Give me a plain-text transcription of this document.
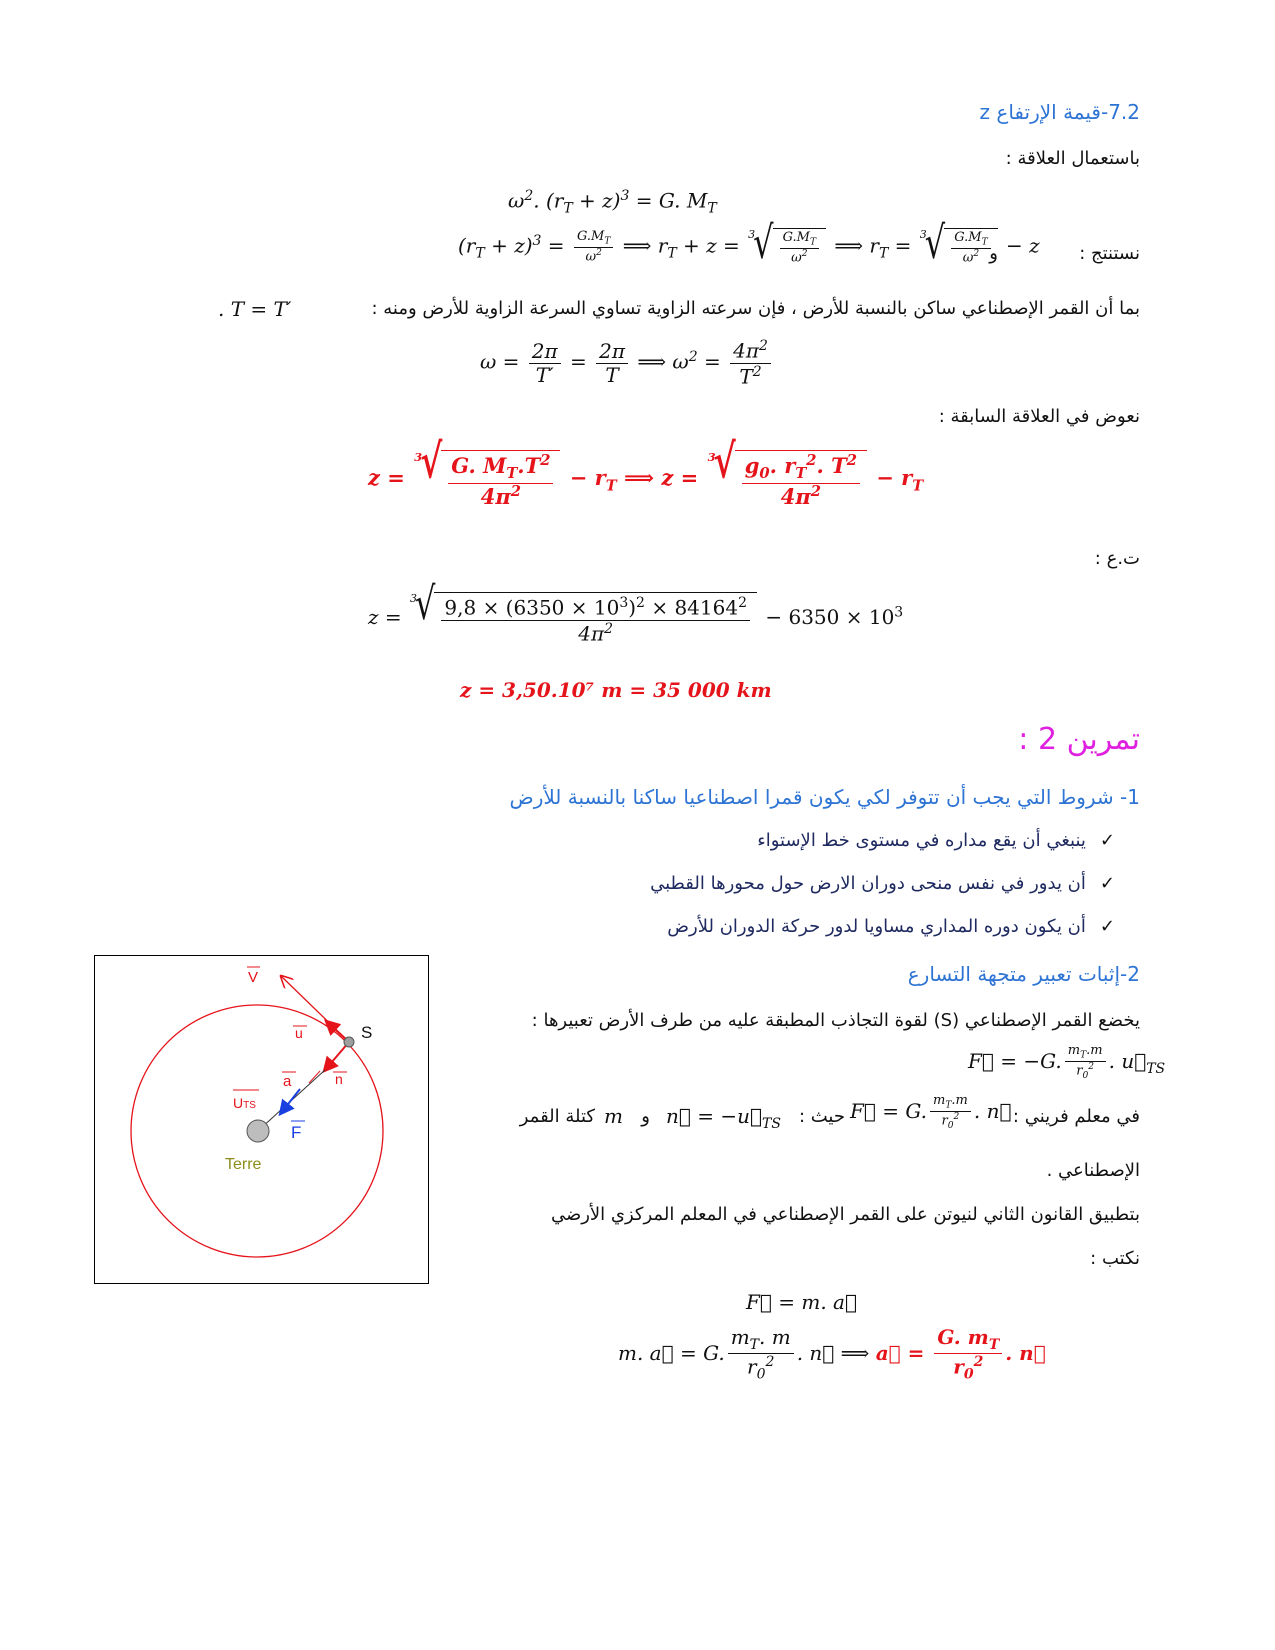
7.2-قيمة الإرتفاع z
باستعمال العلاقة :
$\omega^2$. $(r_T + z)^3 = G$. $M_T$
نستنتج :
و
$(r_T + z)^3 = \frac{G.M_T}{\omega^2}$ ⟹ $r_T + z = 3$
√ $\frac{G.M_T}{\omega^2}$ ⟹ $r_T = 3$
√ $\frac{G.M_T}{\omega^2} - z$
بما أن القمر الإصطناعي ساكن بالنسبة للأرض ، فإن سرعته الزاوية تساوي السرعة الزاوية للأرض ومنه :
. T = T′
$\omega = \frac{2\pi}{T'} = \frac{2\pi}{T}$ ⟹ $\omega^2 = \frac{4\pi^2}{T^2}$
نعوض في العلاقة السابقة :
z =
3
√ $\frac{G. M_T.T^2}{4\pi^2} - r_T$ ⟹ z =
3
√ $\frac{g_0. r_T^2. T^2}{4\pi^2} - r_T$
ت.ع :
z =
3
√ $\frac{9,8 \times (6350 \times 10^3)^2 \times 84164^2}{4\pi^2} - 6350 \times 10^3$
z = 3,50.10⁷ m = 35 000 km
تمرين 2 :
1- شروط التي يجب أن تتوفر لكي يكون قمرا اصطناعيا ساكنا بالنسبة للأرض
✓ينبغي أن يقع مداره في مستوى خط الإستواء
✓أن يدور في نفس منحى دوران الارض حول محورها القطبي
✓أن يكون دوره المداري مساويا لدور حركة الدوران للأرض
2-إثبات تعبير متجهة التسارع
يخضع القمر الإصطناعي (S) لقوة التجاذب المطبقة عليه من طرف الأرض تعبيرها :
F⃗ = −G. $\frac{m_T.m}{r_0^2}$ . $u⃗_{TS}$
في معلم فريني :
F⃗ = G. $\frac{m_T.m}{r_0^2}$ . n⃗
حيث :
n⃗ = $-u⃗_{TS}$
و
m
كتلة القمر
الإصطناعي .
بتطبيق القانون الثاني لنيوتن على القمر الإصطناعي في المعلم المركزي الأرضي
نكتب :
F⃗ = m. a⃗
m. a⃗ = G. $\frac{m_T. m}{r_0^2}$ . n⃗ ⟹ a⃗ = $\frac{G. m_T}{r_0^2}$ . n⃗
V
u	S
a	n
UTS
F
Terre
